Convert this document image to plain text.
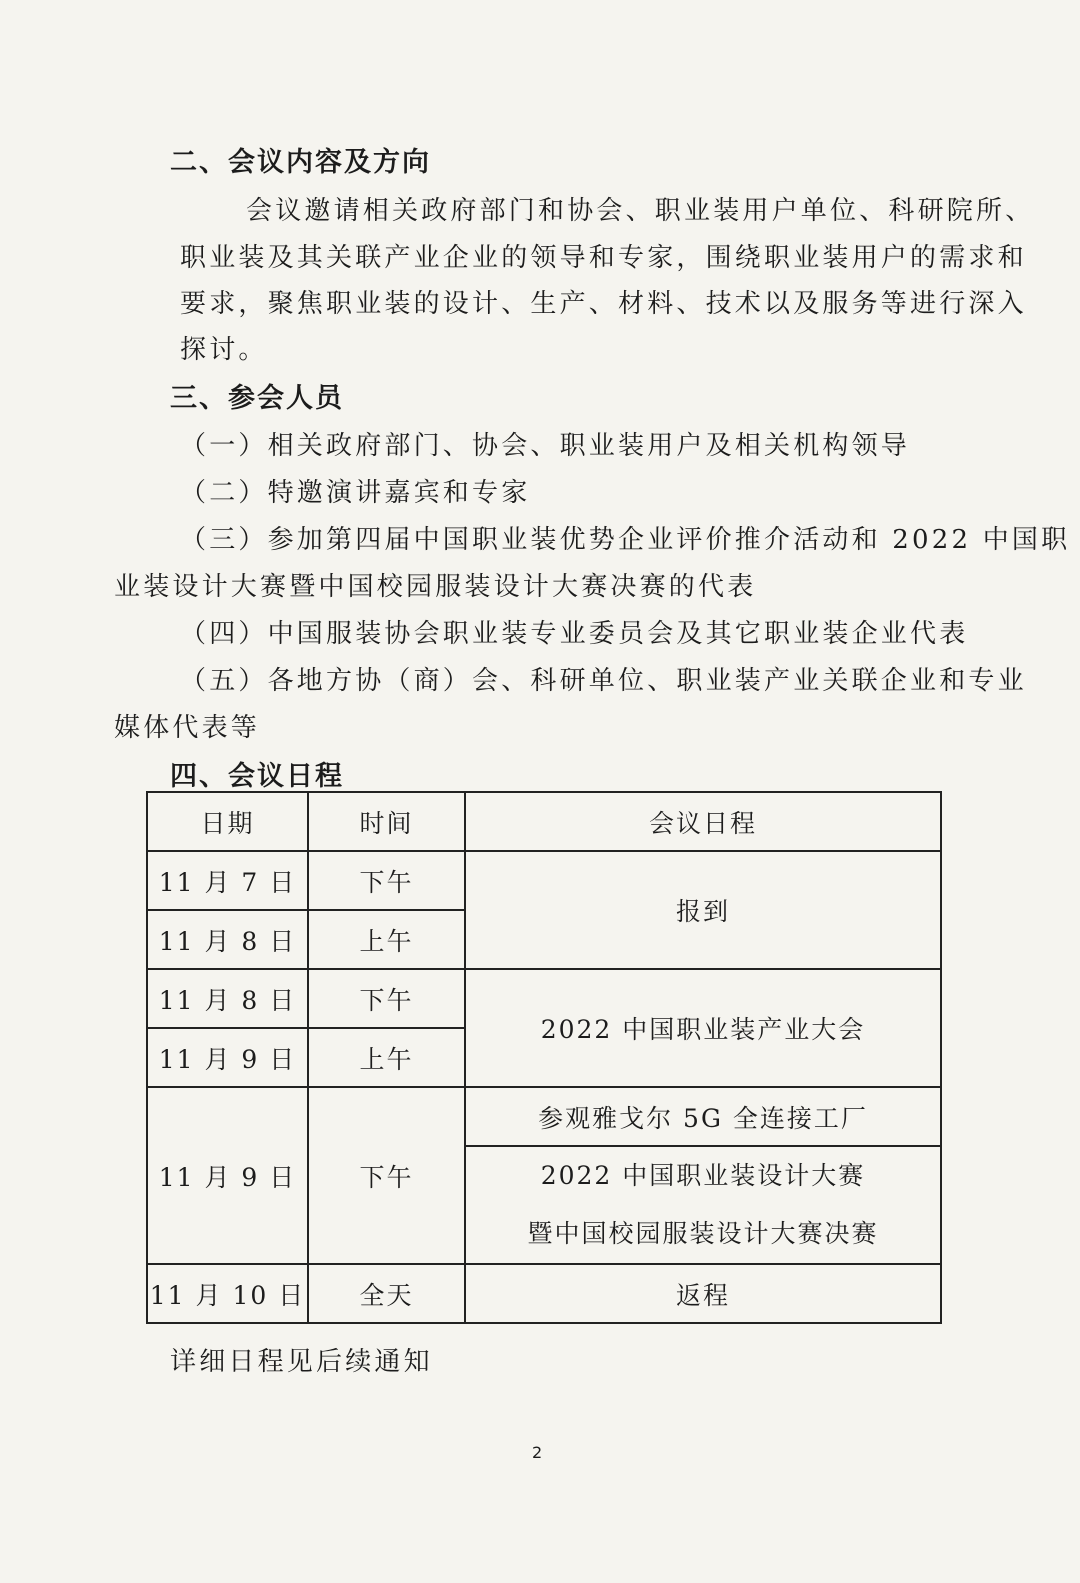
二、会议内容及方向
会议邀请相关政府部门和协会、职业装用户单位、科研院所、
职业装及其关联产业企业的领导和专家，围绕职业装用户的需求和
要求，聚焦职业装的设计、生产、材料、技术以及服务等进行深入
探讨。
三、参会人员
（一）相关政府部门、协会、职业装用户及相关机构领导
（二）特邀演讲嘉宾和专家
（三）参加第四届中国职业装优势企业评价推介活动和 2022 中国职
业装设计大赛暨中国校园服装设计大赛决赛的代表
（四）中国服装协会职业装专业委员会及其它职业装企业代表
（五）各地方协（商）会、科研单位、职业装产业关联企业和专业
媒体代表等
四、会议日程
日期	时间	会议日程
11 月 7 日	下午	报到
11 月 8 日	上午	
11 月 8 日	下午	2022 中国职业装产业大会
11 月 9 日	上午	
11 月 9 日	下午	参观雅戈尔 5G 全连接工厂

		2022 中国职业装设计大赛
暨中国校园服装设计大赛决赛

11 月 10 日	全天	返程
详细日程见后续通知
2
